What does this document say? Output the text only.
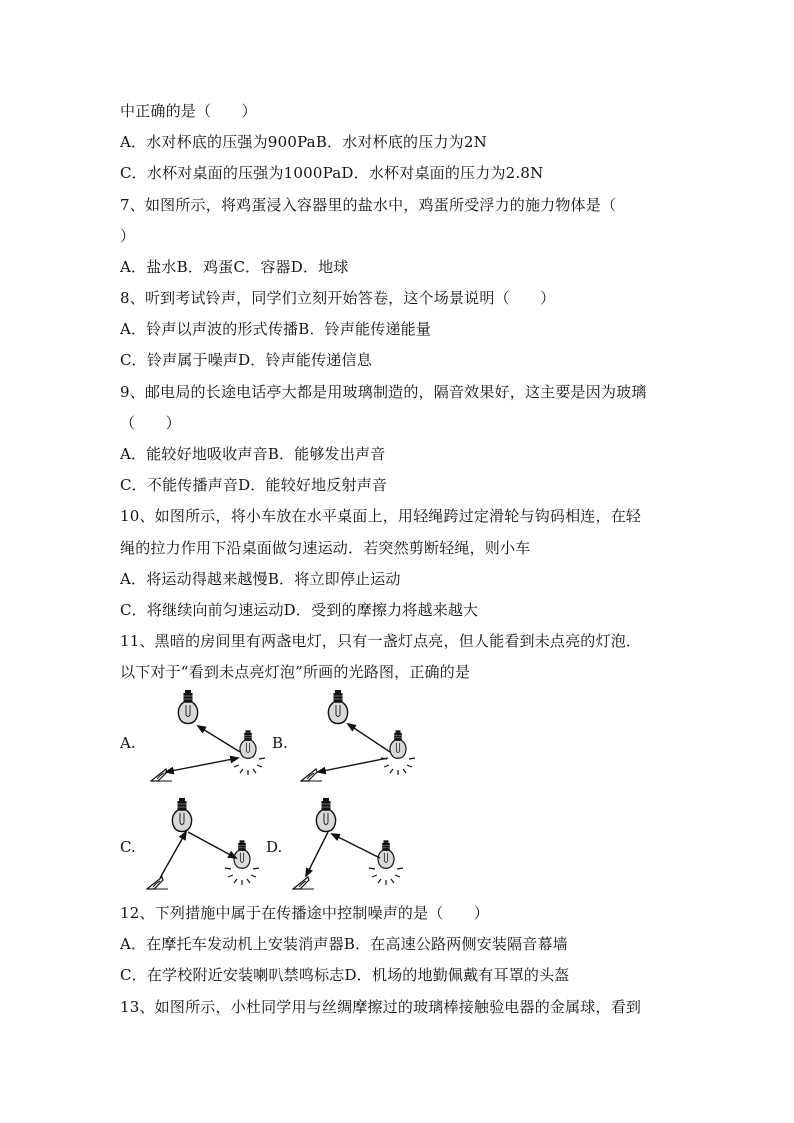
中正确的是（　　）
A．水对杯底的压强为900PaB．水对杯底的压力为2N
C．水杯对桌面的压强为1000PaD．水杯对桌面的压力为2.8N
7、如图所示，将鸡蛋浸入容器里的盐水中，鸡蛋所受浮力的施力物体是（
）
A．盐水B．鸡蛋C．容器D．地球
8、听到考试铃声，同学们立刻开始答卷，这个场景说明（　　）
A．铃声以声波的形式传播B．铃声能传递能量
C．铃声属于噪声D．铃声能传递信息
9、邮电局的长途电话亭大都是用玻璃制造的，隔音效果好，这主要是因为玻璃
（　　）
A．能较好地吸收声音B．能够发出声音
C．不能传播声音D．能较好地反射声音
10、如图所示，将小车放在水平桌面上，用轻绳跨过定滑轮与钩码相连，在轻
绳的拉力作用下沿桌面做匀速运动．若突然剪断轻绳，则小车
A．将运动得越来越慢B．将立即停止运动
C．将继续向前匀速运动D．受到的摩擦力将越来越大
11、黑暗的房间里有两盏电灯，只有一盏灯点亮，但人能看到未点亮的灯泡．
以下对于“看到未点亮灯泡”所画的光路图，正确的是
12、下列措施中属于在传播途中控制噪声的是（　　）
A．在摩托车发动机上安装消声器B．在高速公路两侧安装隔音幕墙
C．在学校附近安装喇叭禁鸣标志D．机场的地勤佩戴有耳罩的头盔
13、如图所示，小杜同学用与丝绸摩擦过的玻璃棒接触验电器的金属球，看到
A.	B.
C.	D.
